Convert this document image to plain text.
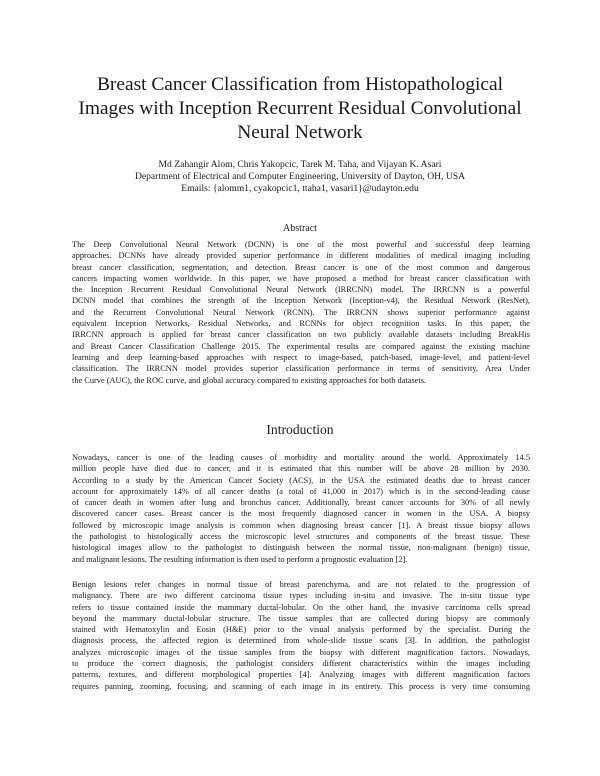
Breast Cancer Classification from Histopathological
Images with Inception Recurrent Residual Convolutional
Neural Network
Md Zahangir Alom, Chris Yakopcic, Tarek M. Taha, and Vijayan K. Asari
Department of Electrical and Computer Engineering, University of Dayton, OH, USA
Emails: {alomm1, cyakopcic1, ttaha1, vasari1}@udayton.edu
Abstract
The Deep Convolutional Neural Network (DCNN) is one of the most powerful and successful deep learning
approaches. DCNNs have already provided superior performance in different modalities of medical imaging including
breast cancer classification, segmentation, and detection. Breast cancer is one of the most common and dangerous
cancers impacting women worldwide. In this paper, we have proposed a method for breast cancer classification with
the Inception Recurrent Residual Convolutional Neural Network (IRRCNN) model. The IRRCNN is a powerful
DCNN model that combines the strength of the Inception Network (Inception-v4), the Residual Network (ResNet),
and the Recurrent Convolutional Neural Network (RCNN). The IRRCNN shows superior performance against
equivalent Inception Networks, Residual Networks, and RCNNs for object recognition tasks. In this paper, the
IRRCNN approach is applied for breast cancer classification on two publicly available datasets including BreakHis
and Breast Cancer Classification Challenge 2015. The experimental results are compared against the existing machine
learning and deep learning-based approaches with respect to image-based, patch-based, image-level, and patient-level
classification. The IRRCNN model provides superior classification performance in terms of sensitivity, Area Under
the Curve (AUC), the ROC curve, and global accuracy compared to existing approaches for both datasets.
Introduction
Nowadays, cancer is one of the leading causes of morbidity and mortality around the world. Approximately 14.5
million people have died due to cancer, and it is estimated that this number will be above 28 million by 2030.
According to a study by the American Cancer Society (ACS), in the USA the estimated deaths due to breast cancer
account for approximately 14% of all cancer deaths (a total of 41,000 in 2017) which is in the second-leading cause
of cancer death in women after lung and bronchus cancer. Additionally, breast cancer accounts for 30% of all newly
discovered cancer cases. Breast cancer is the most frequently diagnosed cancer in women in the USA. A biopsy
followed by microscopic image analysis is common when diagnosing breast cancer [1]. A breast tissue biopsy allows
the pathologist to histologically access the microscopic level structures and components of the breast tissue. These
histological images allow to the pathologist to distinguish between the normal tissue, non-malignant (benign) tissue,
and malignant lesions. The resulting information is then used to perform a prognostic evaluation [2].
Benign lesions refer changes in normal tissue of breast parenchyma, and are not related to the progression of
malignancy. There are two different carcinoma tissue types including in-situ and invasive. The in-situ tissue type
refers to tissue contained inside the mammary ductal-lobular. On the other hand, the invasive carcinoma cells spread
beyond the mammary ductal-lobular structure. The tissue samples that are collected during biopsy are commonly
stained with Hematoxylin and Eosin (H&E) prior to the visual analysis performed by the specialist. During the
diagnosis process, the affected region is determined from whole-slide tissue scans [3]. In addition, the pathologist
analyzes microscopic images of the tissue samples from the biopsy with different magnification factors. Nowadays,
to produce the correct diagnosis, the pathologist considers different characteristics within the images including
patterns, textures, and different morphological properties [4]. Analyzing images with different magnification factors
requires panning, zooming, focusing, and scanning of each image in its entirety. This process is very time consuming
